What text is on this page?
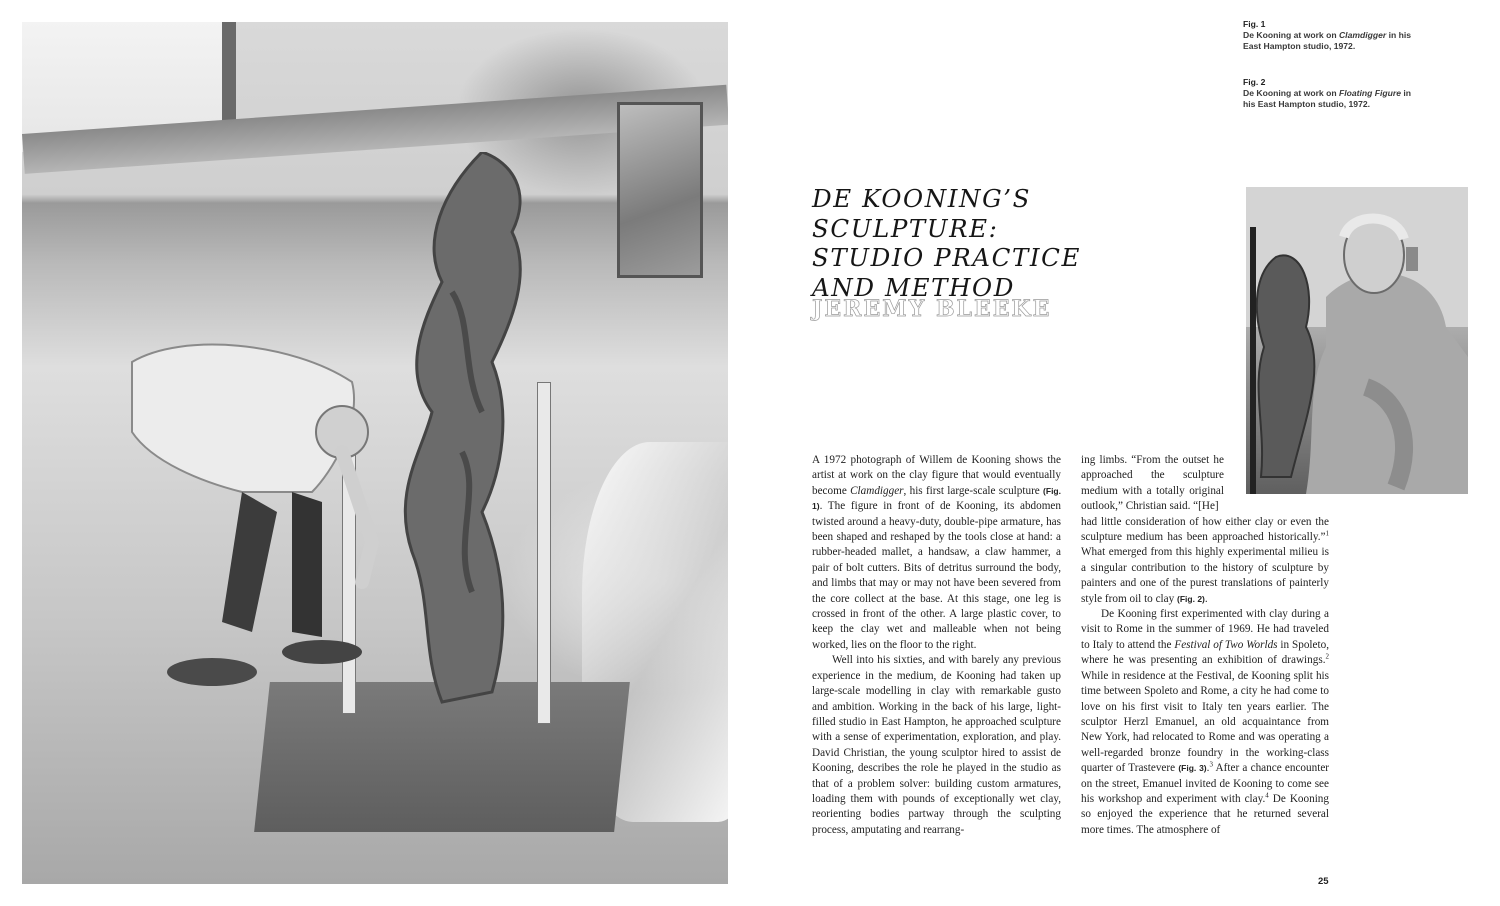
Fig. 1
De Kooning at work on Clamdigger in his East Hampton studio, 1972.
Fig. 2
De Kooning at work on Floating Figure in his East Hampton studio, 1972.
DE KOONING’S
SCULPTURE:
STUDIO PRACTICE
AND METHOD
JEREMY BLEEKE

A 1972 photograph of Willem de Kooning shows the artist at work on the clay figure that would eventually become Clamdigger, his first large-scale sculpture (Fig. 1). The figure in front of de Kooning, its abdomen twisted around a heavy-duty, double-pipe armature, has been shaped and reshaped by the tools close at hand: a rubber-headed mallet, a handsaw, a claw hammer, a pair of bolt cutters. Bits of detritus surround the body, and limbs that may or may not have been severed from the core collect at the base. At this stage, one leg is crossed in front of the other. A large plastic cover, to keep the clay wet and malleable when not being worked, lies on the floor to the right.

Well into his sixties, and with barely any previous experience in the medium, de Kooning had taken up large-scale modelling in clay with remarkable gusto and ambition. Working in the back of his large, light-filled studio in East Hampton, he approached sculpture with a sense of experimentation, exploration, and play. David Christian, the young sculptor hired to assist de Kooning, describes the role he played in the studio as that of a problem solver: building custom armatures, loading them with pounds of exceptionally wet clay, reorienting bodies partway through the sculpting process, amputating and rearrang-

ing limbs. “From the outset he approached the sculpture medium with a totally original outlook,” Christian said. “[He]

had little consideration of how either clay or even the sculpture medium has been approached historically.”$^1$ What emerged from this highly experimental milieu is a singular contribution to the history of sculpture by painters and one of the purest translations of painterly style from oil to clay (Fig. 2).

De Kooning first experimented with clay during a visit to Rome in the summer of 1969. He had traveled to Italy to attend the Festival of Two Worlds in Spoleto, where he was presenting an exhibition of drawings.$^2$ While in residence at the Festival, de Kooning split his time between Spoleto and Rome, a city he had come to love on his first visit to Italy ten years earlier. The sculptor Herzl Emanuel, an old acquaintance from New York, had relocated to Rome and was operating a well-regarded bronze foundry in the working-class quarter of Trastevere (Fig. 3).$^3$ After a chance encounter on the street, Emanuel invited de Kooning to come see his workshop and experiment with clay.$^4$ De Kooning so enjoyed the experience that he returned several more times. The atmosphere of

25
